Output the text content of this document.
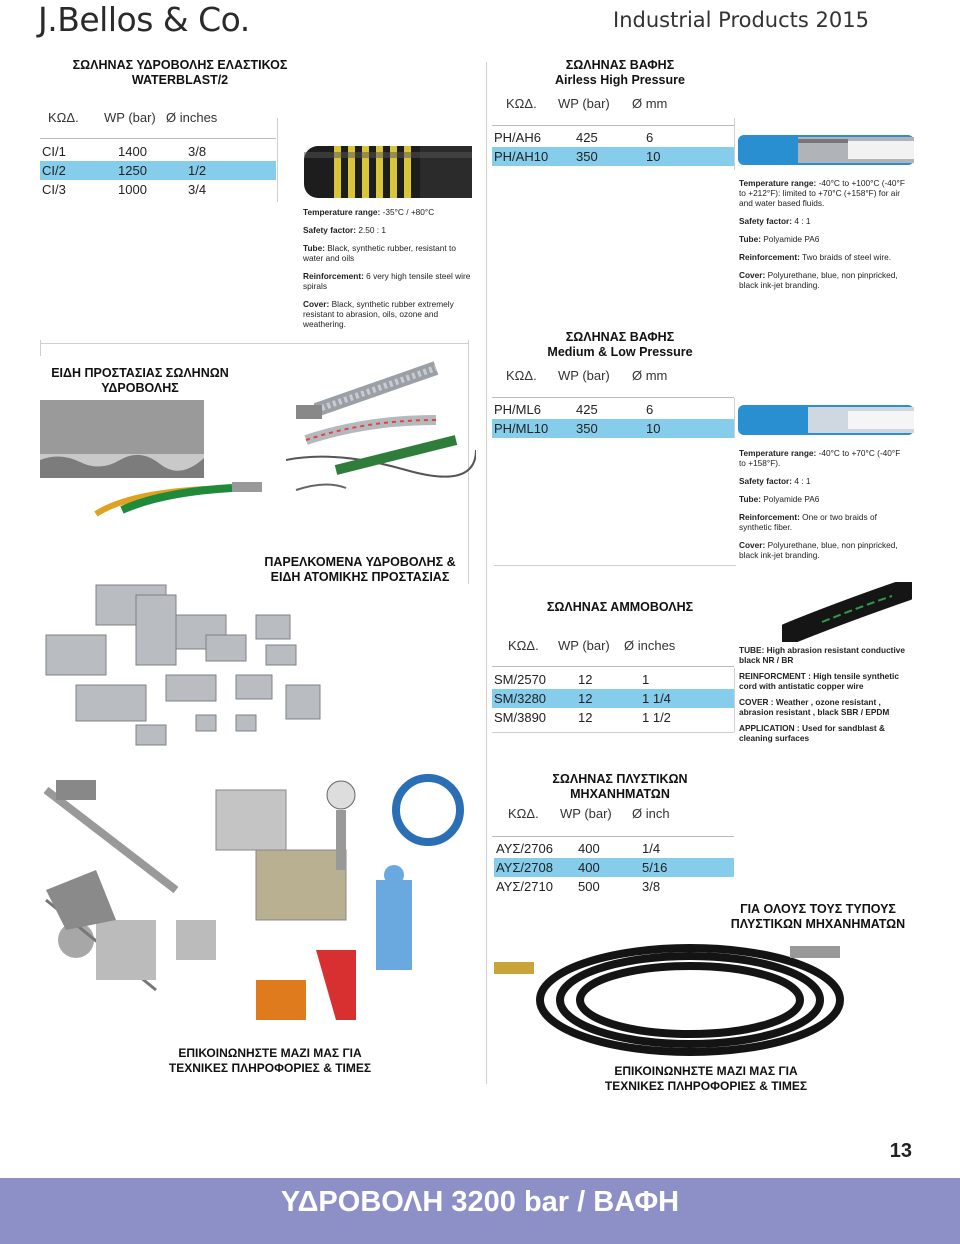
J.Bellos & Co.	Industrial Products 2015
ΣΩΛΗΝΑΣ ΥΔΡΟΒΟΛΗΣ ΕΛΑΣΤΙΚΟΣ
WATERBLAST/2
ΚΩΔ.	WP (bar) Ø inches
CI/1	1400	3/8
CI/2	1250	1/2
CI/3	1000	3/4

Temperature range: -35°C / +80°C

Safety factor: 2.50 : 1

Tube: Black, synthetic rubber, resistant to water and oils

Reinforcement: 6 very high tensile steel wire spirals

Cover: Black, synthetic rubber extremely resistant to abrasion, oils, ozone and weathering.

ΕΙΔΗ ΠΡΟΣΤΑΣΙΑΣ ΣΩΛΗΝΩΝ
ΥΔΡΟΒΟΛΗΣ
ΠΑΡΕΛΚΟΜΕΝΑ ΥΔΡΟΒΟΛΗΣ &
ΕΙΔΗ ΑΤΟΜΙΚΗΣ ΠΡΟΣΤΑΣΙΑΣ
ΕΠΙΚΟΙΝΩΝΗΣΤΕ ΜΑΖΙ ΜΑΣ ΓΙΑ
ΤΕΧΝΙΚΕΣ ΠΛΗΡΟΦΟΡΙΕΣ & ΤΙΜΕΣ
ΣΩΛΗΝΑΣ ΒΑΦΗΣ
Airless High Pressure
ΚΩΔ.	WP (bar)	Ø mm
PH/AH6	425	6
PH/AH10	350	10

Temperature range: -40°C to +100°C (-40°F to +212°F): limited to +70°C (+158°F) for air and water based fluids.

Safety factor: 4 : 1

Tube: Polyamide PA6

Reinforcement: Two braids of steel wire.

Cover: Polyurethane, blue, non pinpricked, black ink-jet branding.

ΣΩΛΗΝΑΣ ΒΑΦΗΣ
Medium & Low Pressure
ΚΩΔ.	WP (bar)	Ø mm
PH/ML6	425	6
PH/ML10	350	10

Temperature range: -40°C to +70°C (-40°F to +158°F).

Safety factor: 4 : 1

Tube: Polyamide PA6

Reinforcement: One or two braids of synthetic fiber.

Cover: Polyurethane, blue, non pinpricked, black ink-jet branding.

ΣΩΛΗΝΑΣ ΑΜΜΟΒΟΛΗΣ
ΚΩΔ.	WP (bar)	Ø inches
SM/2570	12	1
SM/3280	12	1 1/4
SM/3890	12	1 1/2

TUBE: High abrasion resistant conductive black NR / BR

REINFORCMENT : High tensile synthetic cord with antistatic copper wire

COVER : Weather , ozone resistant , abrasion resistant , black SBR / EPDM

APPLICATION : Used for sandblast & cleaning surfaces

ΣΩΛΗΝΑΣ ΠΛΥΣΤΙΚΩΝ
ΜΗΧΑΝΗΜΑΤΩΝ
ΚΩΔ.	WP (bar)	Ø inch
ΑΥΣ/2706	400	1/4
ΑΥΣ/2708	400	5/16
ΑΥΣ/2710	500	3/8
ΓΙΑ ΟΛΟΥΣ ΤΟΥΣ ΤΥΠΟΥΣ
ΠΛΥΣΤΙΚΩΝ ΜΗΧΑΝΗΜΑΤΩΝ
ΕΠΙΚΟΙΝΩΝΗΣΤΕ ΜΑΖΙ ΜΑΣ ΓΙΑ
ΤΕΧΝΙΚΕΣ ΠΛΗΡΟΦΟΡΙΕΣ & ΤΙΜΕΣ
13
ΥΔΡΟΒΟΛΗ 3200 bar / ΒΑΦΗ
